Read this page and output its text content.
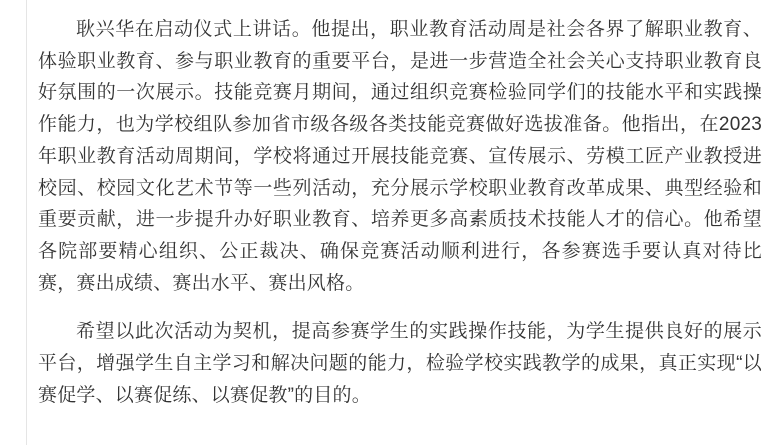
耿兴华在启动仪式上讲话。他提出，职业教育活动周是社会各界了解职业教育、体验职业教育、参与职业教育的重要平台，是进一步营造全社会关心支持职业教育良好氛围的一次展示。技能竞赛月期间，通过组织竞赛检验同学们的技能水平和实践操作能力，也为学校组队参加省市级各级各类技能竞赛做好选拔准备。他指出，在2023年职业教育活动周期间，学校将通过开展技能竞赛、宣传展示、劳模工匠产业教授进校园、校园文化艺术节等一些列活动，充分展示学校职业教育改革成果、典型经验和重要贡献，进一步提升办好职业教育、培养更多高素质技术技能人才的信心。他希望各院部要精心组织、公正裁决、确保竞赛活动顺利进行，各参赛选手要认真对待比赛，赛出成绩、赛出水平、赛出风格。

希望以此次活动为契机，提高参赛学生的实践操作技能，为学生提供良好的展示平台，增强学生自主学习和解决问题的能力，检验学校实践教学的成果，真正实现“以赛促学、以赛促练、以赛促教”的目的。
